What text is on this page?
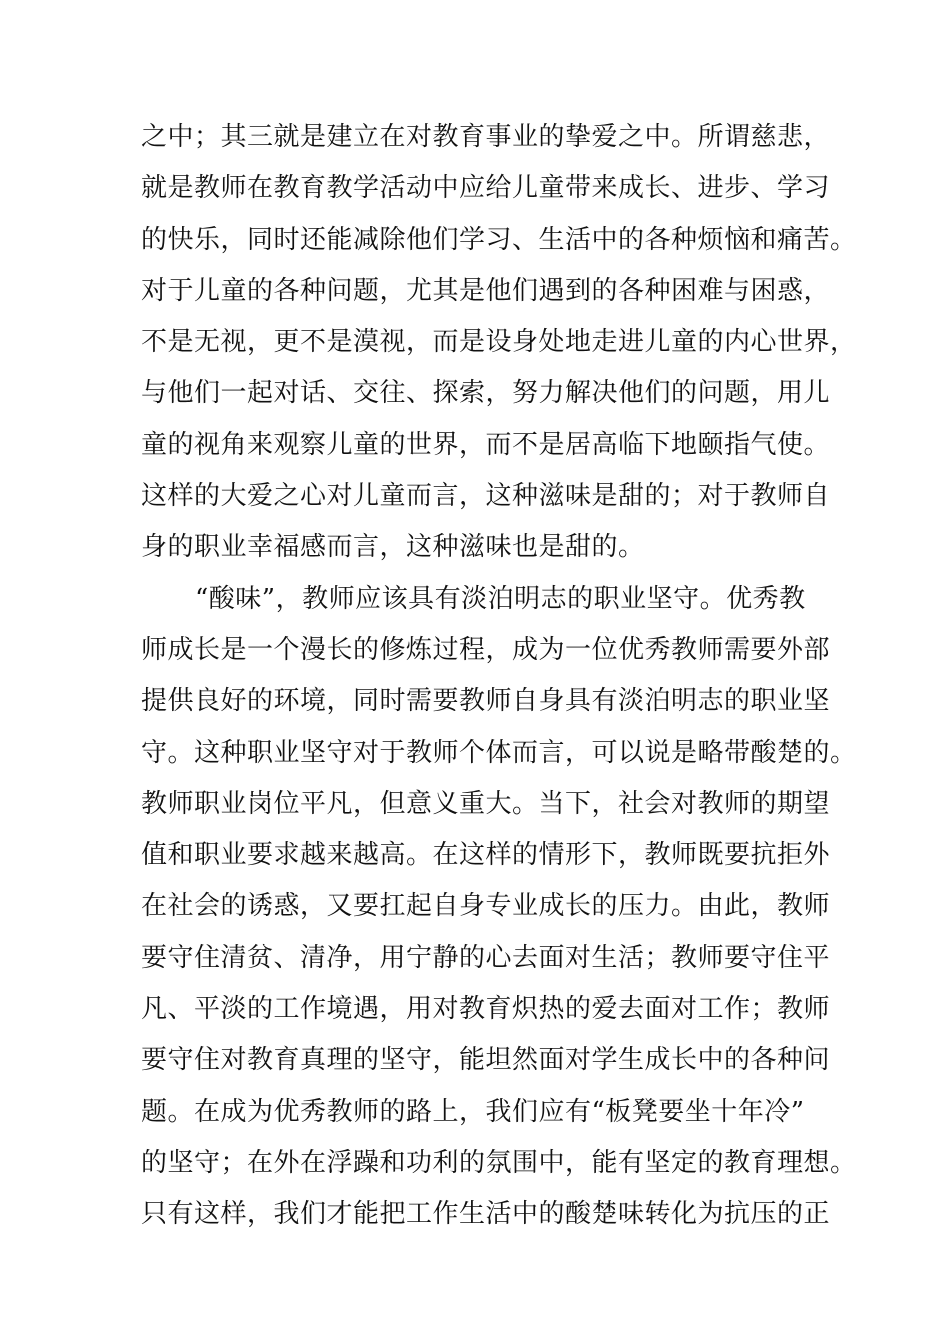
之中；其三就是建立在对教育事业的挚爱之中。所谓慈悲，
就是教师在教育教学活动中应给儿童带来成长、进步、学习
的快乐，同时还能减除他们学习、生活中的各种烦恼和痛苦。
对于儿童的各种问题，尤其是他们遇到的各种困难与困惑，
不是无视，更不是漠视，而是设身处地走进儿童的内心世界，
与他们一起对话、交往、探索，努力解决他们的问题，用儿
童的视角来观察儿童的世界，而不是居高临下地颐指气使。
这样的大爱之心对儿童而言，这种滋味是甜的；对于教师自
身的职业幸福感而言，这种滋味也是甜的。
“酸味”，教师应该具有淡泊明志的职业坚守。优秀教
师成长是一个漫长的修炼过程，成为一位优秀教师需要外部
提供良好的环境，同时需要教师自身具有淡泊明志的职业坚
守。这种职业坚守对于教师个体而言，可以说是略带酸楚的。
教师职业岗位平凡，但意义重大。当下，社会对教师的期望
值和职业要求越来越高。在这样的情形下，教师既要抗拒外
在社会的诱惑，又要扛起自身专业成长的压力。由此，教师
要守住清贫、清净，用宁静的心去面对生活；教师要守住平
凡、平淡的工作境遇，用对教育炽热的爱去面对工作；教师
要守住对教育真理的坚守，能坦然面对学生成长中的各种问
题。在成为优秀教师的路上，我们应有“板凳要坐十年冷”
的坚守；在外在浮躁和功利的氛围中，能有坚定的教育理想。
只有这样，我们才能把工作生活中的酸楚味转化为抗压的正
